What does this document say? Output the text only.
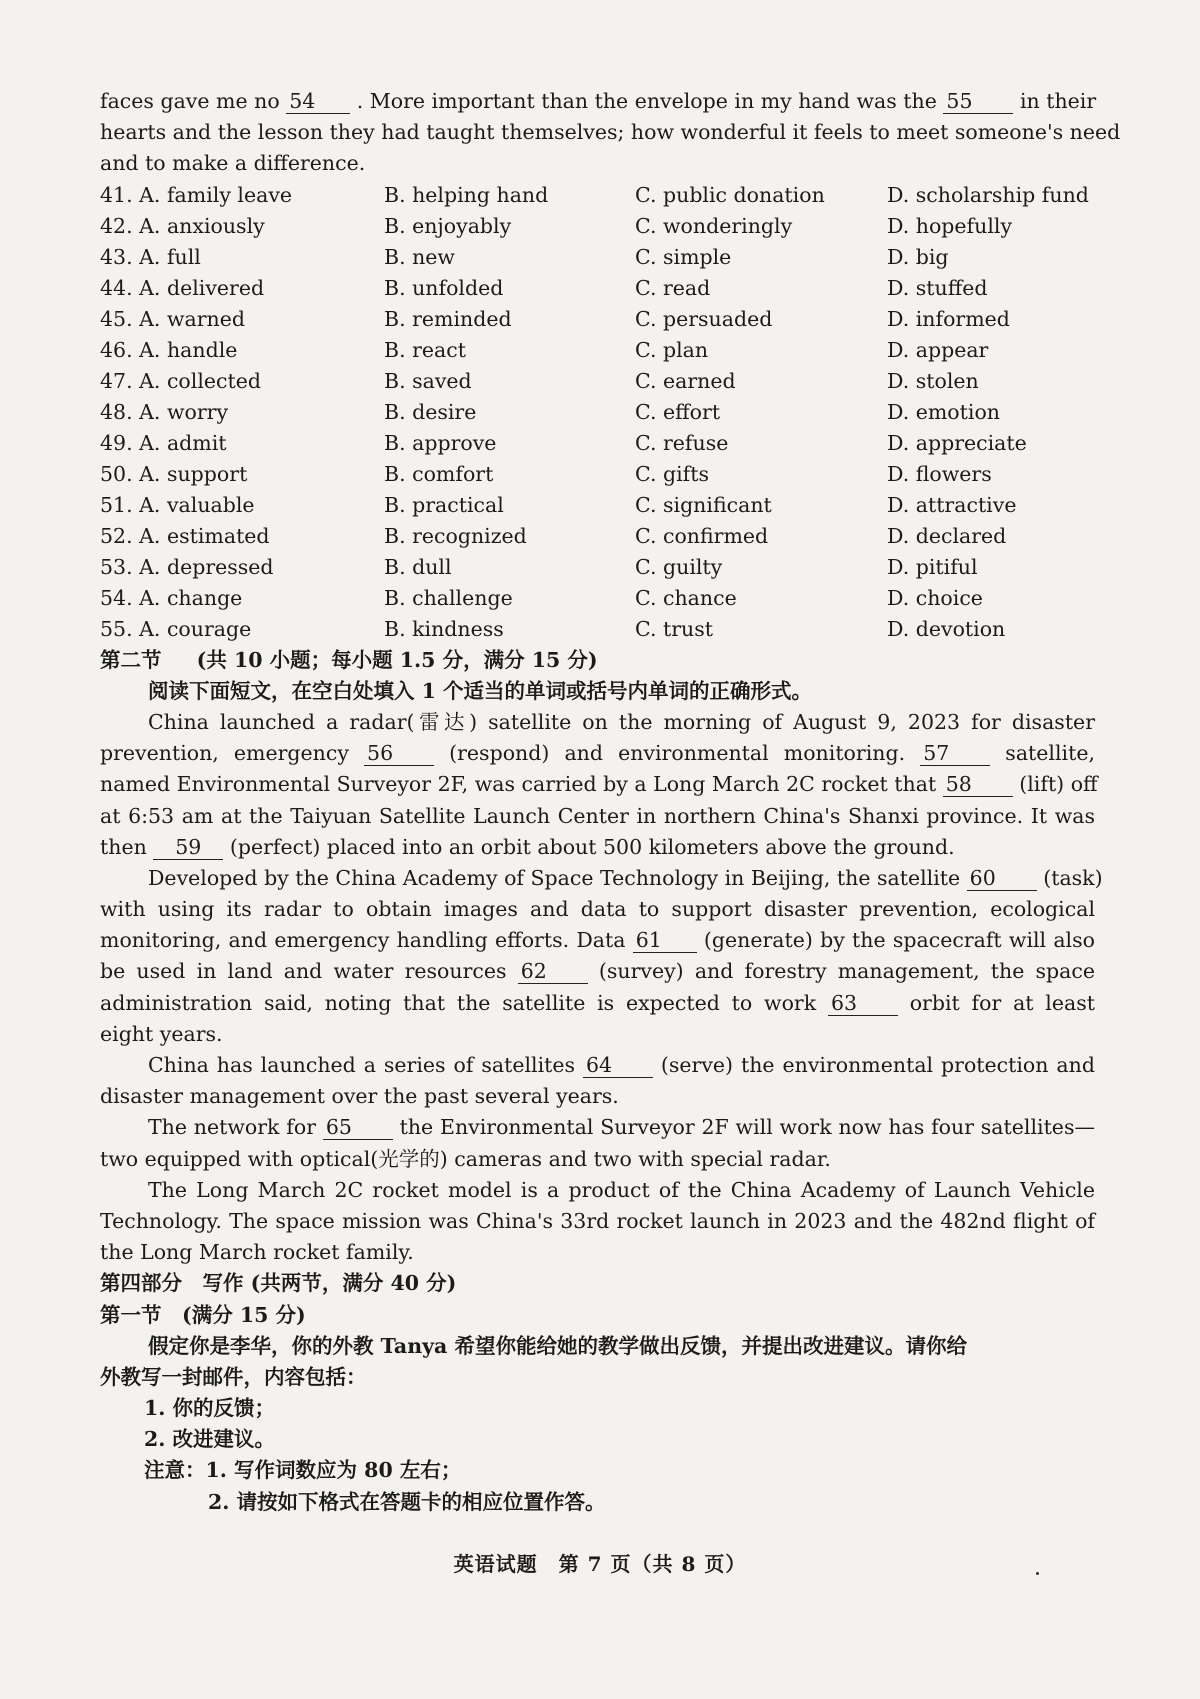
faces gave me no 54 . More important than the envelope in my hand was the 55 in their
hearts and the lesson they had taught themselves; how wonderful it feels to meet someone's need
and to make a difference.
41. A. family leave	B. helping hand	C. public donation	D. scholarship fund
42. A. anxiously	B. enjoyably	C. wonderingly	D. hopefully
43. A. full	B. new	C. simple	D. big
44. A. delivered	B. unfolded	C. read	D. stuffed
45. A. warned	B. reminded	C. persuaded	D. informed
46. A. handle	B. react	C. plan	D. appear
47. A. collected	B. saved	C. earned	D. stolen
48. A. worry	B. desire	C. effort	D. emotion
49. A. admit	B. approve	C. refuse	D. appreciate
50. A. support	B. comfort	C. gifts	D. flowers
51. A. valuable	B. practical	C. significant	D. attractive
52. A. estimated	B. recognized	C. confirmed	D. declared
53. A. depressed	B. dull	C. guilty	D. pitiful
54. A. change	B. challenge	C. chance	D. choice
55. A. courage	B. kindness	C. trust	D. devotion
第二节 (共 10 小题；每小题 1.5 分，满分 15 分)
阅读下面短文，在空白处填入 1 个适当的单词或括号内单词的正确形式。
China launched a radar(雷达) satellite on the morning of August 9, 2023 for disaster
prevention, emergency 56	(respond) and environmental monitoring. 57	satellite,
named Environmental Surveyor 2F, was carried by a Long March 2C rocket that 58 (lift) off
at 6:53 am at the Taiyuan Satellite Launch Center in northern China's Shanxi province. It was
then 59 (perfect) placed into an orbit about 500 kilometers above the ground.
Developed by the China Academy of Space Technology in Beijing, the satellite 60 (task)
with using its radar to obtain images and data to support disaster prevention, ecological
monitoring, and emergency handling efforts. Data 61 (generate) by the spacecraft will also
be used in land and water resources 62	(survey) and forestry management, the space
administration said, noting that the satellite is expected to work 63	orbit for at least
eight years.
China has launched a series of satellites 64 (serve) the environmental protection and
disaster management over the past several years.
The network for 65 the Environmental Surveyor 2F will work now has four satellites—
two equipped with optical(光学的) cameras and two with special radar.
The Long March 2C rocket model is a product of the China Academy of Launch Vehicle
Technology. The space mission was China's 33rd rocket launch in 2023 and the 482nd flight of
the Long March rocket family.
第四部分　写作 (共两节，满分 40 分)
第一节　(满分 15 分)
假定你是李华，你的外教 Tanya 希望你能给她的教学做出反馈，并提出改进建议。请你给
外教写一封邮件，内容包括：
1. 你的反馈；
2. 改进建议。
注意：1. 写作词数应为 80 左右；
2. 请按如下格式在答题卡的相应位置作答。
英语试题　第 7 页（共 8 页）
